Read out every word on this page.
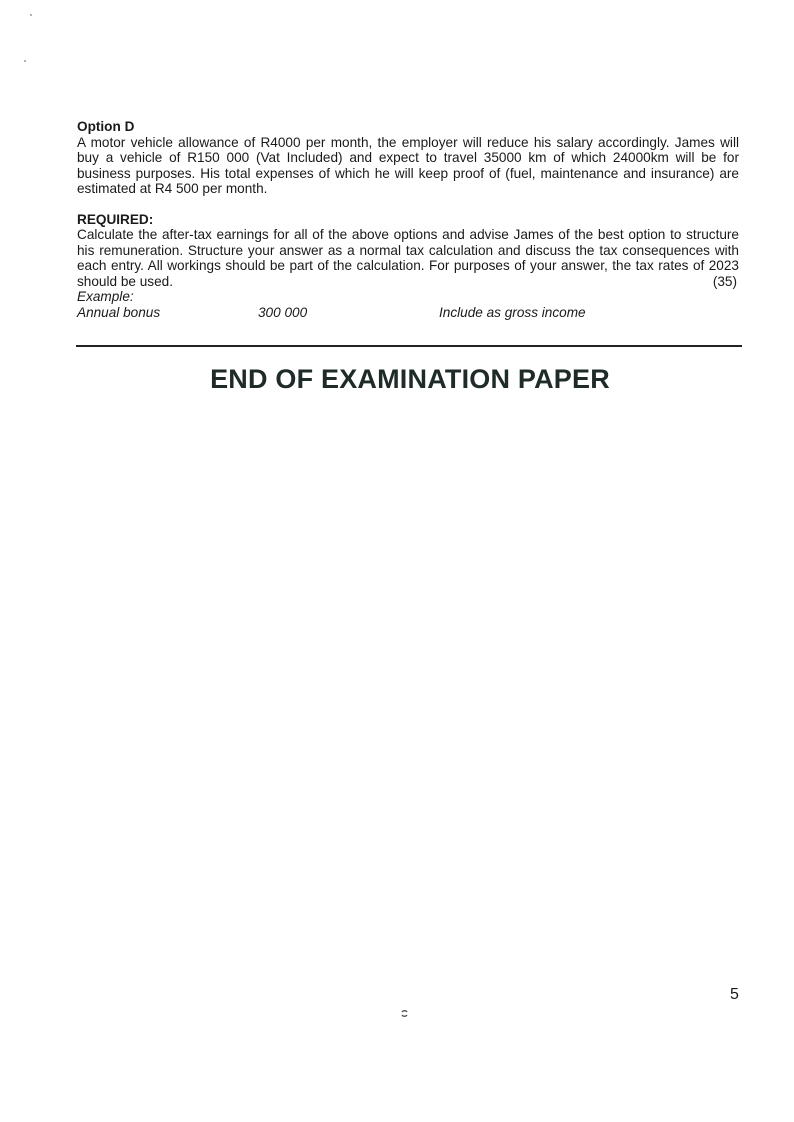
Option D

A motor vehicle allowance of R4000 per month, the employer will reduce his salary accordingly. James will buy a vehicle of R150 000 (Vat Included) and expect to travel 35000 km of which 24000km will be for business purposes. His total expenses of which he will keep proof of (fuel, maintenance and insurance) are estimated at R4 500 per month.

REQUIRED:

Calculate the after-tax earnings for all of the above options and advise James of the best option to structure his remuneration. Structure your answer as a normal tax calculation and discuss the tax consequences with each entry. All workings should be part of the calculation. For purposes of your answer, the tax rates of 2023 should be used.	(35)

Example:

Annual bonus	300 000	Include as gross income
END OF EXAMINATION PAPER
5
